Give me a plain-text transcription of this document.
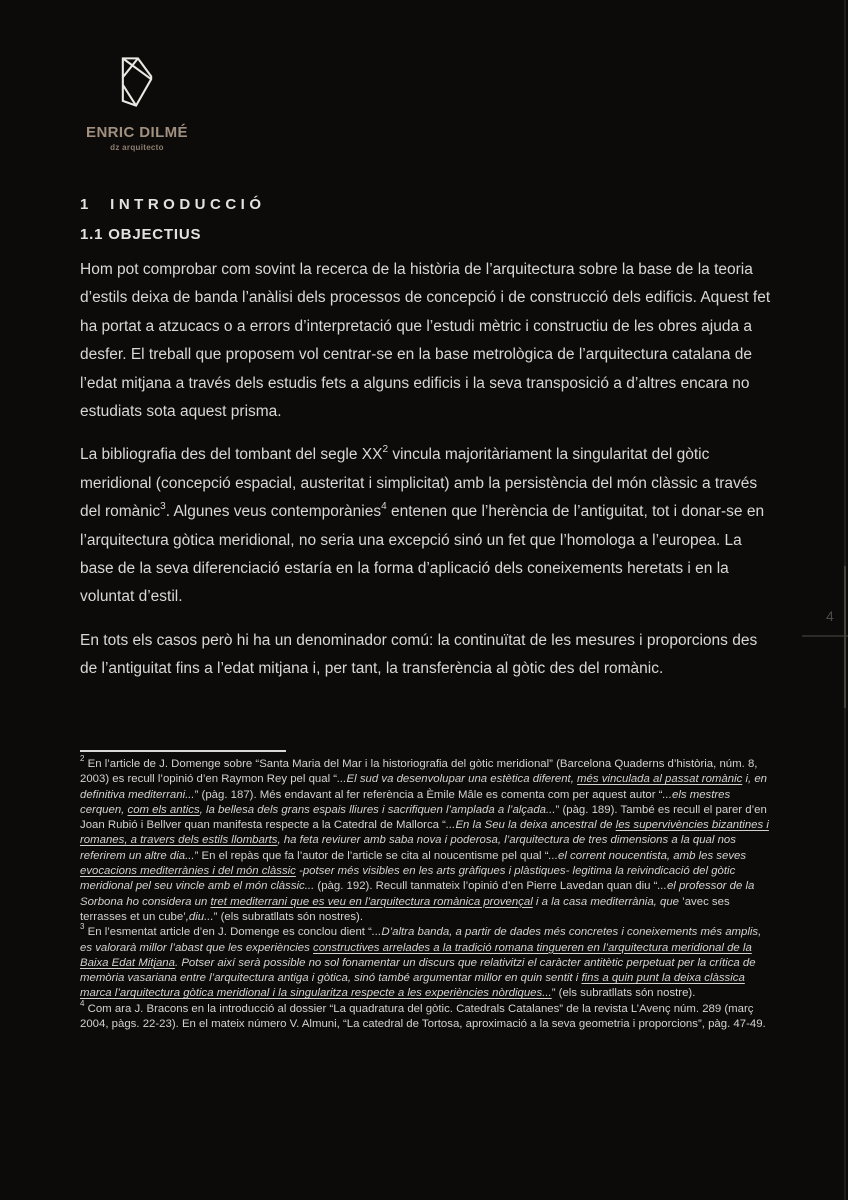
ENRIC DILMÉ
dz arquitecto
1  INTRODUCCIÓ
1.1 OBJECTIUS

Hom pot comprobar com sovint la recerca de la història de l’arquitectura sobre la base de la teoria d’estils deixa de banda l’anàlisi dels processos de concepció i de construcció dels edificis. Aquest fet ha portat a atzucacs o a errors d’interpretació que l’estudi mètric i constructiu de les obres ajuda a desfer. El treball que proposem vol centrar-se en la base metrològica de l’arquitectura catalana de l’edat mitjana a través dels estudis fets a alguns edificis i la seva transposició a d’altres encara no estudiats sota aquest prisma.

La bibliografia des del tombant del segle $XX^2$ vincula majoritàriament la singularitat del gòtic meridional (concepció espacial, austeritat i simplicitat) amb la persistència del món clàssic a través del romànic$^3$. Algunes veus contemporànies$^4$ entenen que l’herència de l’antiguitat, tot i donar-se en l’arquitectura gòtica meridional, no seria una excepció sinó un fet que l’homologa a l’europea. La base de la seva diferenciació estaría en la forma d’aplicació dels coneixements heretats i en la voluntat d’estil.

En tots els casos però hi ha un denominador comú: la continuïtat de les mesures i proporcions des de l’antiguitat fins a l’edat mitjana i, per tant, la transferència al gòtic des del romànic.

$^2$ En l’article de J. Domenge sobre “Santa Maria del Mar i la historiografia del gòtic meridional” (Barcelona Quaderns d’història, núm. 8, 2003) es recull l’opinió d’en Raymon Rey pel qual “...El sud va desenvolupar una estètica diferent, més vinculada al passat romànic i, en definitiva mediterrani...” (pàg. 187). Més endavant al fer referència a Èmile Mâle es comenta com per aquest autor “...els mestres cerquen, com els antics, la bellesa dels grans espais lliures i sacrifiquen l’amplada a l’alçada...” (pàg. 189). També es recull el parer d’en Joan Rubió i Bellver quan manifesta respecte a la Catedral de Mallorca “...En la Seu la deixa ancestral de les supervivències bizantines i romanes, a travers dels estils llombarts, ha feta reviurer amb saba nova i poderosa, l’arquitectura de tres dimensions a la qual nos referirem un altre dia...” En el repàs que fa l’autor de l’article se cita al noucentisme pel qual “...el corrent noucentista, amb les seves evocacions mediterrànies i del món clàssic -potser més visibles en les arts gràfiques i plàstiques- legitima la reivindicació del gòtic meridional pel seu vincle amb el món clàssic... (pàg. 192). Recull tanmateix l’opinió d’en Pierre Lavedan quan diu “...el professor de la Sorbona ho considera un tret mediterrani que es veu en l’arquitectura romànica provençal i a la casa mediterrània, que ’avec ses terrasses et un cube’,diu...” (els subratllats són nostres).
$^3$ En l’esmentat article d’en J. Domenge es conclou dient “...D’altra banda, a partir de dades més concretes i coneixements més amplis, es valorarà millor l’abast que les experiències constructives arrelades a la tradició romana tingueren en l’arquitectura meridional de la Baixa Edat Mitjana. Potser així serà possible no sol fonamentar un discurs que relativitzi el caràcter antitètic perpetuat per la crítica de memòria vasariana entre l’arquitectura antiga i gòtica, sinó també argumentar millor en quin sentit i fins a quin punt la deixa clàssica marca l’arquitectura gòtica meridional i la singularitza respecte a les experiències nòrdiques...” (els subratllats són nostre).
$^4$ Com ara J. Bracons en la introducció al dossier “La quadratura del gòtic. Catedrals Catalanes” de la revista L’Avenç núm. 289 (març 2004, pàgs. 22-23). En el mateix número V. Almuni, “La catedral de Tortosa, aproximació a la seva geometria i proporcions”, pàg. 47-49.
4
